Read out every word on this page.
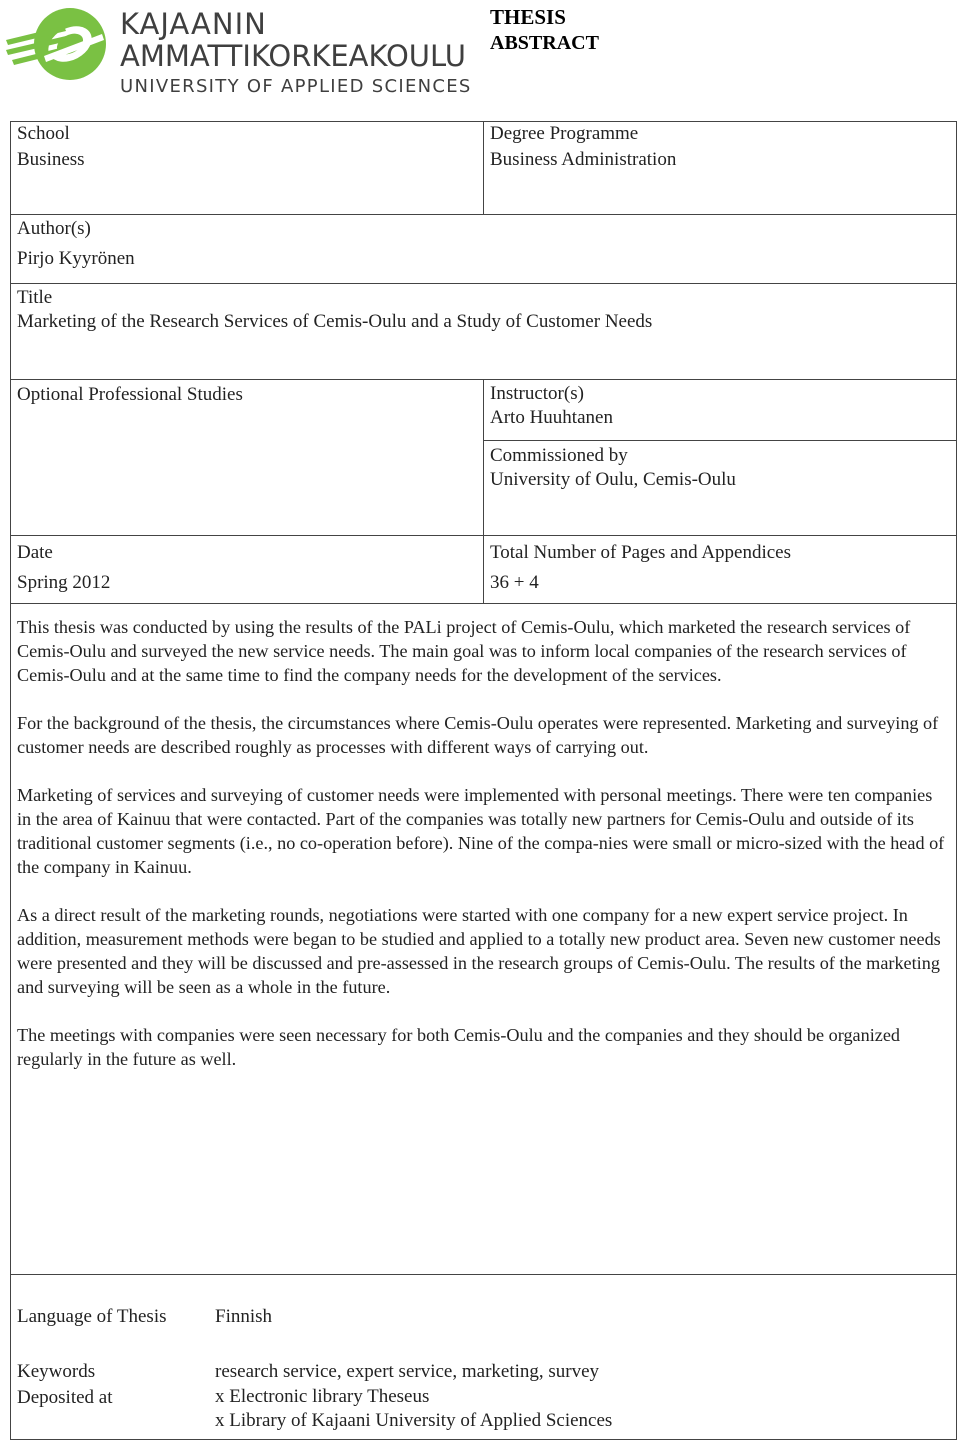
KAJAANIN
AMMATTIKORKEAKOULU
UNIVERSITY OF APPLIED SCIENCES
THESIS
ABSTRACT
School
Business
Degree Programme
Business Administration
Author(s)
Pirjo Kyyrönen
Title
Marketing of the Research Services of Cemis-Oulu and a Study of Customer Needs
Optional Professional Studies	Instructor(s)
Arto Huuhtanen
Commissioned by
University of Oulu, Cemis-Oulu
Date
Spring 2012
Total Number of Pages and Appendices
36 + 4

This thesis was conducted by using the results of the PALi project of Cemis-Oulu, which marketed the research services of Cemis-Oulu and surveyed the new service needs. The main goal was to inform local companies of the research services of Cemis-Oulu and at the same time to find the company needs for the development of the services.

For the background of the thesis, the circumstances where Cemis-Oulu operates were represented. Marketing and surveying of customer needs are described roughly as processes with different ways of carrying out.

Marketing of services and surveying of customer needs were implemented with personal meetings. There were ten companies in the area of Kainuu that were contacted. Part of the companies was totally new partners for Cemis-Oulu and outside of its traditional customer segments (i.e., no co-operation before). Nine of the compa-nies were small or micro-sized with the head of the company in Kainuu.

As a direct result of the marketing rounds, negotiations were started with one company for a new expert service project. In addition, measurement methods were began to be studied and applied to a totally new product area. Seven new customer needs were presented and they will be discussed and pre-assessed in the research groups of Cemis-Oulu. The results of the marketing and surveying will be seen as a whole in the future.

The meetings with companies were seen necessary for both Cemis-Oulu and the companies and they should be organized regularly in the future as well.

Language of Thesis	Finnish
Keywords	research service, expert service, marketing, survey
Deposited at	x Electronic library Theseus
x Library of Kajaani University of Applied Sciences
